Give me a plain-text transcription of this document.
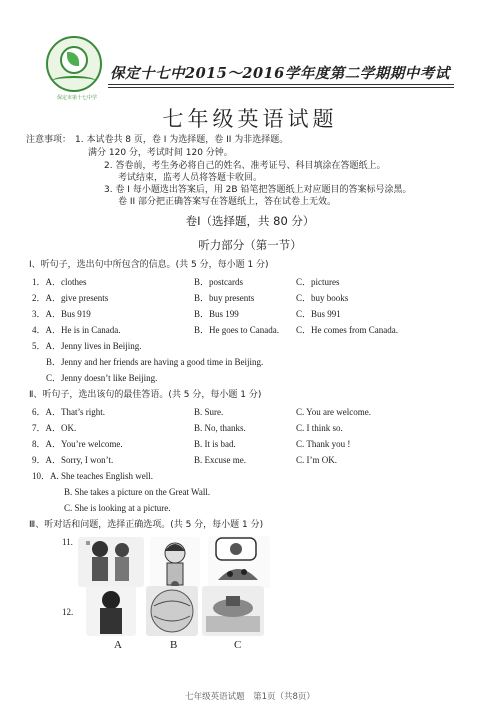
保定市第十七中学
保定十七中2015～2016学年度第二学期期中考试
七年级英语试题
注意事项： 1. 本试卷共 8 页，卷 I 为选择题，卷 II 为非选择题。
满分 120 分，考试时间 120 分钟。
2. 答卷前，考生务必将自己的姓名、准考证号、科目填涂在答题纸上。
考试结束，监考人员将答题卡收回。
3. 卷 I 每小题选出答案后，用 2B 铅笔把答题纸上对应题目的答案标号涂黑。
卷 II 部分把正确答案写在答题纸上，答在试卷上无效。
卷Ⅰ（选择题，共 80 分）
听力部分（第一节）
Ⅰ、听句子，选出句中所包含的信息。(共 5 分，每小题 1 分)
1．A．clothes	B．postcards	C．pictures
2．A．give presents	B．buy presents	C．buy books
3．A．Bus 919	B．Bus 199	C．Bus 991
4．A．He is in Canada.	B．He goes to Canada. C．He comes from Canada.
5．A．Jenny lives in Beijing.
B．Jenny and her friends are having a good time in Beijing.
C．Jenny doesn’t like Beijing.
Ⅱ、听句子，选出该句的最佳答语。(共 5 分，每小题 1 分)
6．A．That’s right.	B. Sure.	C. You are welcome.
7．A．OK.	B. No, thanks.	C. I think so.
8．A．You’re welcome.	B. It is bad.	C. Thank you !
9．A．Sorry, I won’t.	B. Excuse me.	C. I’m OK.
10．A. She teaches English well.
B. She takes a picture on the Great Wall.
C. She is looking at a picture.
Ⅲ、听对话和问题，选择正确选项。(共 5 分，每小题 1 分)
11.
12.
A	B	C
七年级英语试题　第1页（共8页）
